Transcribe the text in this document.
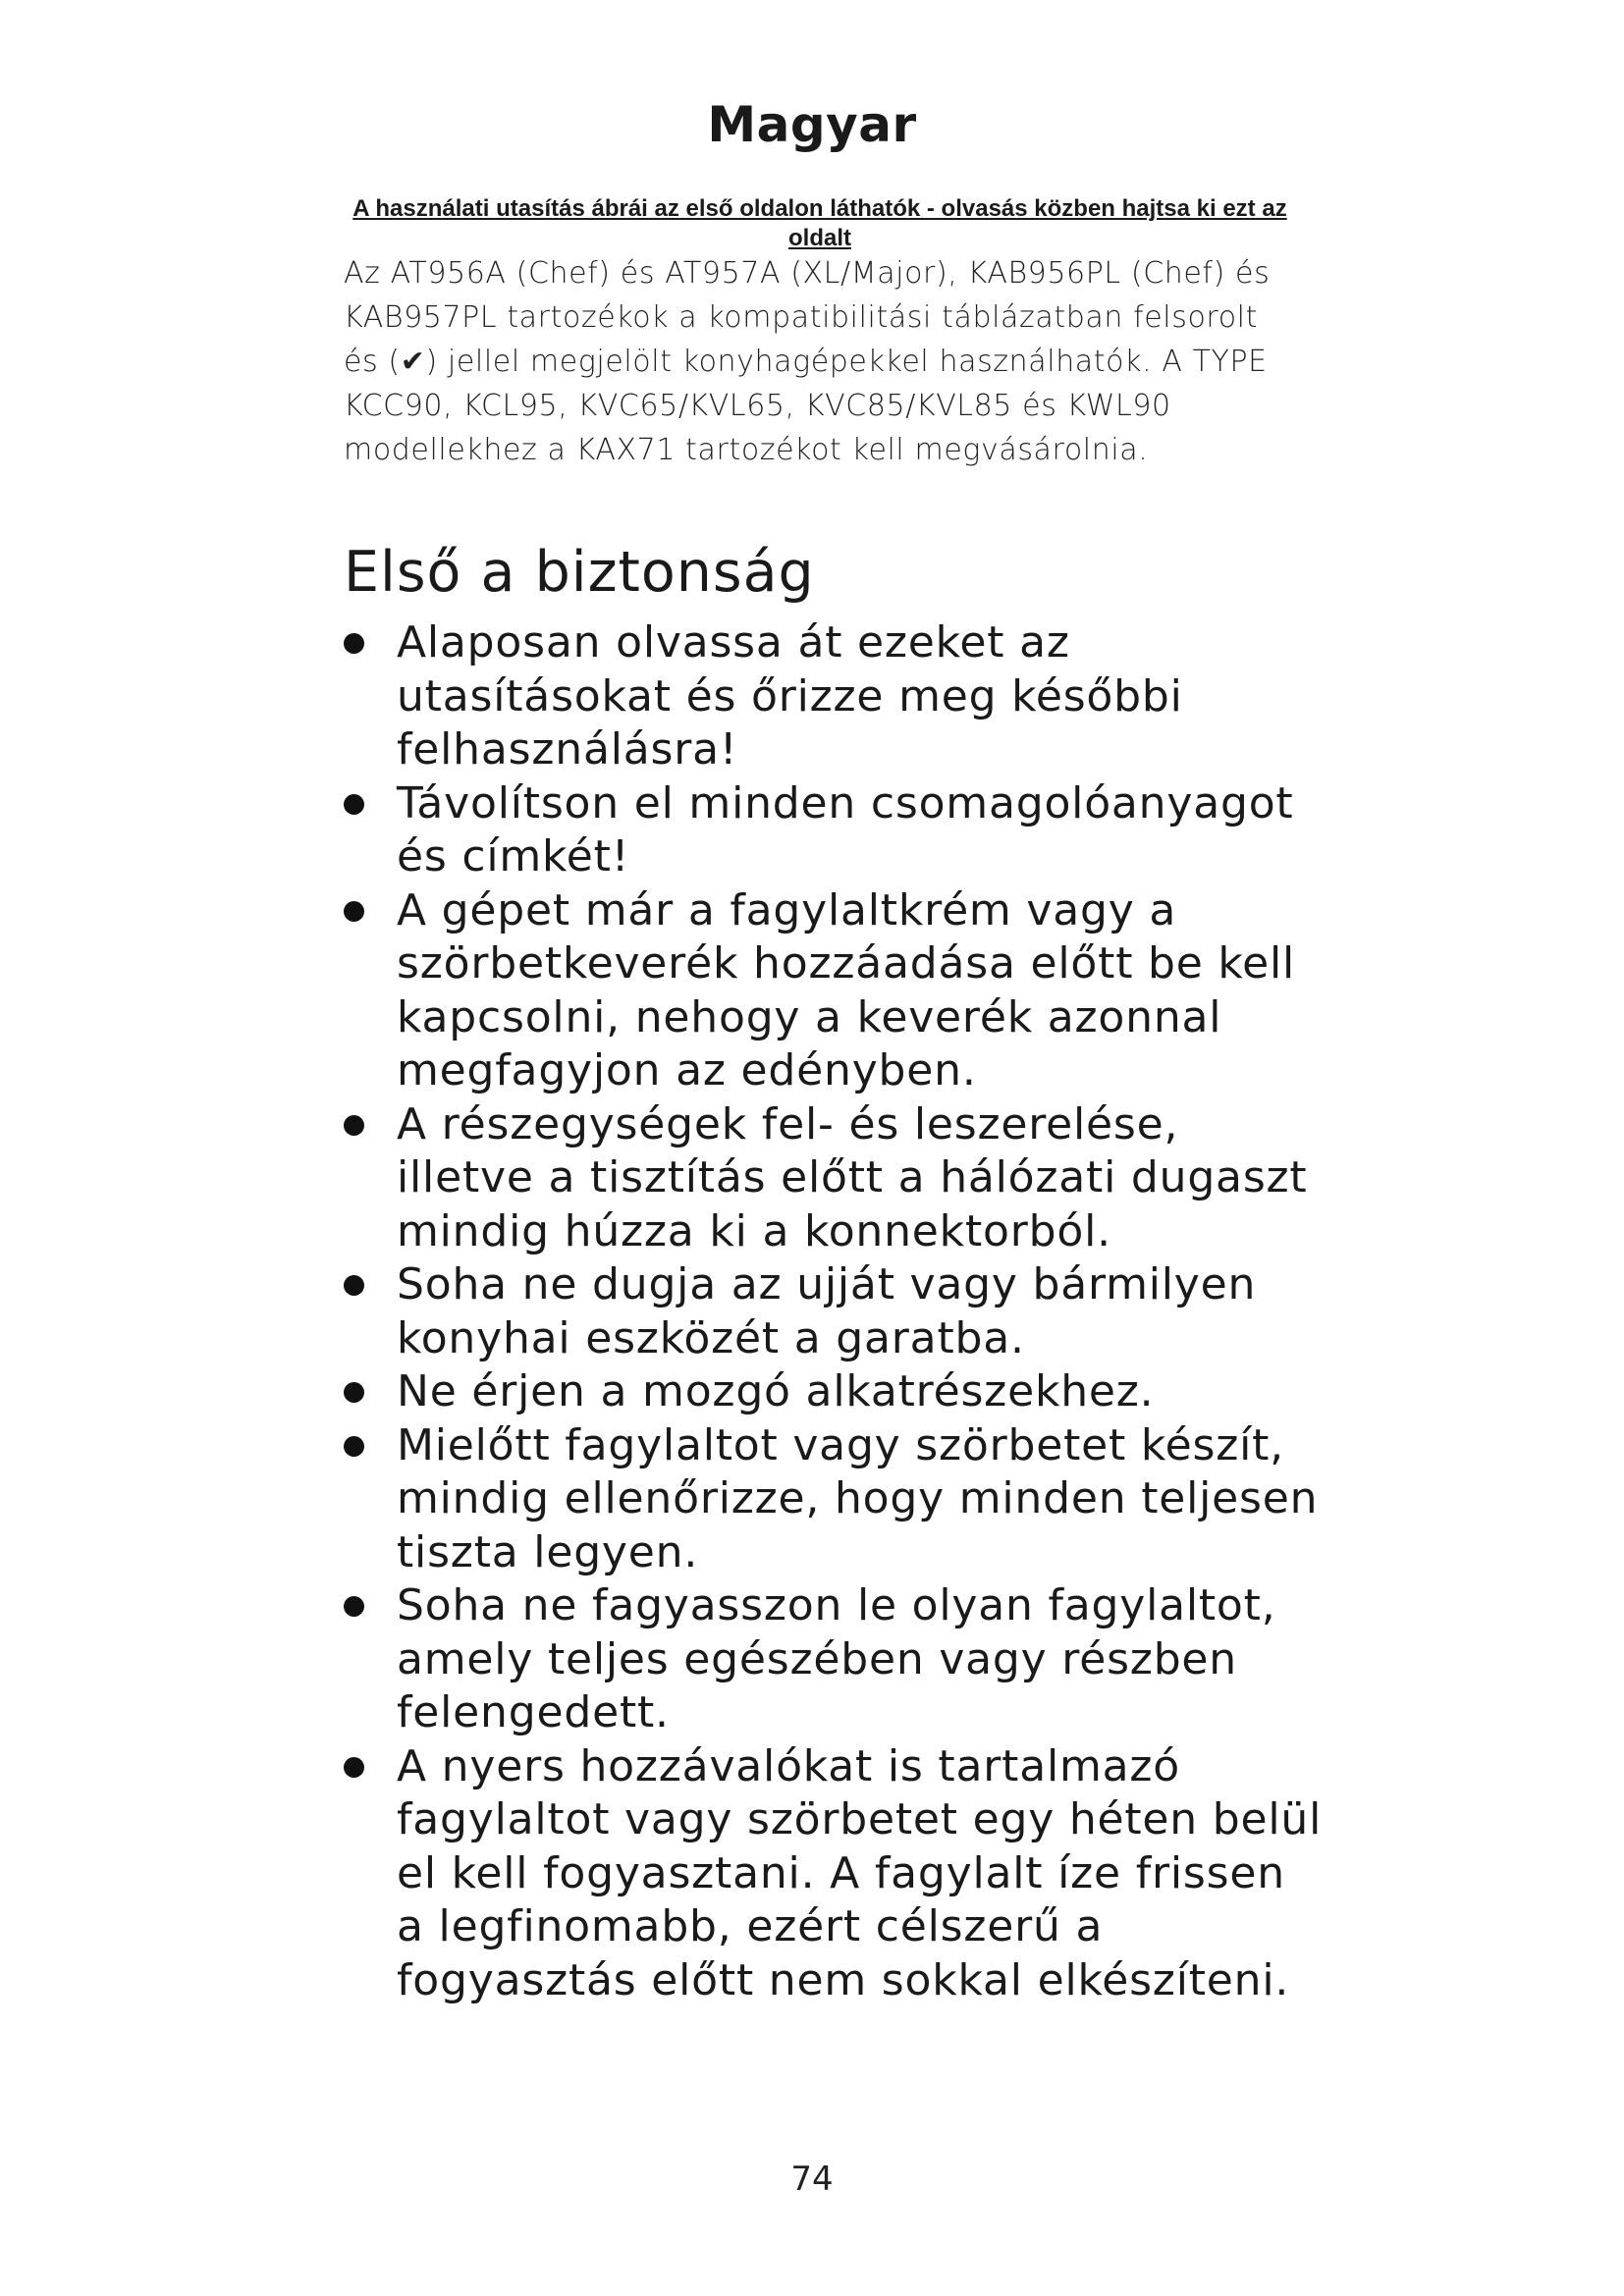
Magyar

A használati utasítás ábrái az első oldalon láthatók - olvasás közben hajtsa ki ezt az oldalt

Az AT956A (Chef) és AT957A (XL/Major), KAB956PL (Chef) és KAB957PL tartozékok a kompatibilitási táblázatban felsorolt és (✔) jellel megjelölt konyhagépekkel használhatók. A TYPE KCC90, KCL95, KVC65/KVL65, KVC85/KVL85 és KWL90 modellekhez a KAX71 tartozékot kell megvásárolnia.

Első a biztonság
Alaposan olvassa át ezeket az utasításokat és őrizze meg későbbi felhasználásra!
Távolítson el minden csomagolóanyagot és címkét!
A gépet már a fagylaltkrém vagy a szörbetkeverék hozzáadása előtt be kell kapcsolni, nehogy a keverék azonnal megfagyjon az edényben.
A részegységek fel- és leszerelése, illetve a tisztítás előtt a hálózati dugaszt mindig húzza ki a konnektorból.
Soha ne dugja az ujját vagy bármilyen konyhai eszközét a garatba.
Ne érjen a mozgó alkatrészekhez.
Mielőtt fagylaltot vagy szörbetet készít, mindig ellenőrizze, hogy minden teljesen tiszta legyen.
Soha ne fagyasszon le olyan fagylaltot, amely teljes egészében vagy részben felengedett.
A nyers hozzávalókat is tartalmazó fagylaltot vagy szörbetet egy héten belül el kell fogyasztani. A fagylalt íze frissen a legfinomabb, ezért célszerű a fogyasztás előtt nem sokkal elkészíteni.

74
